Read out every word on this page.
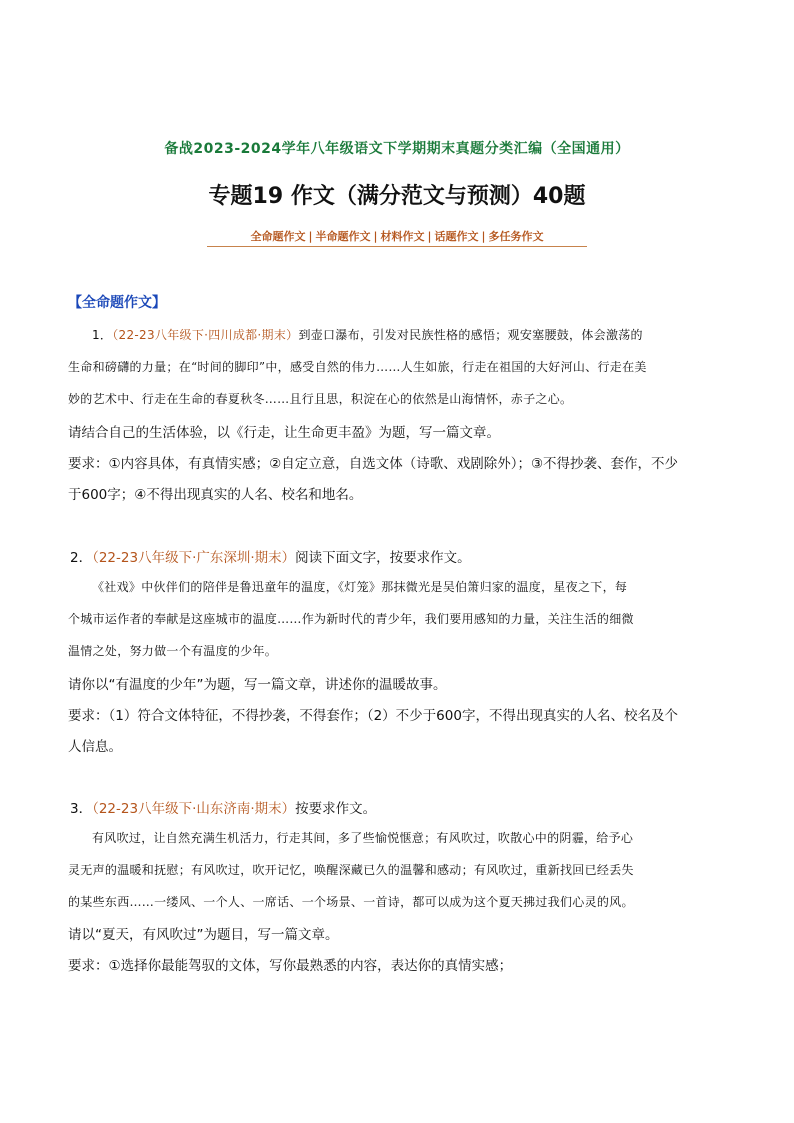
备战2023-2024学年八年级语文下学期期末真题分类汇编（全国通用）
专题19 作文（满分范文与预测）40题
全命题作文 | 半命题作文 | 材料作文 | 话题作文 | 多任务作文
【全命题作文】
1．（22-23八年级下·四川成都·期末）到壶口瀑布，引发对民族性格的感悟；观安塞腰鼓，体会激荡的
生命和磅礴的力量；在“时间的脚印”中，感受自然的伟力……人生如旅，行走在祖国的大好河山、行走在美
妙的艺术中、行走在生命的春夏秋冬……且行且思，积淀在心的依然是山海情怀，赤子之心。
请结合自己的生活体验，以《行走，让生命更丰盈》为题，写一篇文章。
要求：①内容具体，有真情实感；②自定立意，自选文体（诗歌、戏剧除外）；③不得抄袭、套作，不少
于600字；④不得出现真实的人名、校名和地名。
2．（22-23八年级下·广东深圳·期末）阅读下面文字，按要求作文。
《社戏》中伙伴们的陪伴是鲁迅童年的温度，《灯笼》那抹微光是吴伯箫归家的温度，星夜之下，每
个城市运作者的奉献是这座城市的温度……作为新时代的青少年，我们要用感知的力量，关注生活的细微
温情之处，努力做一个有温度的少年。
请你以“有温度的少年”为题，写一篇文章，讲述你的温暖故事。
要求：（1）符合文体特征，不得抄袭，不得套作；（2）不少于600字，不得出现真实的人名、校名及个
人信息。
3．（22-23八年级下·山东济南·期末）按要求作文。
有风吹过，让自然充满生机活力，行走其间，多了些愉悦惬意；有风吹过，吹散心中的阴霾，给予心
灵无声的温暖和抚慰；有风吹过，吹开记忆，唤醒深藏已久的温馨和感动；有风吹过，重新找回已经丢失
的某些东西……一缕风、一个人、一席话、一个场景、一首诗，都可以成为这个夏天拂过我们心灵的风。
请以“夏天，有风吹过”为题目，写一篇文章。
要求：①选择你最能驾驭的文体，写你最熟悉的内容，表达你的真情实感；
